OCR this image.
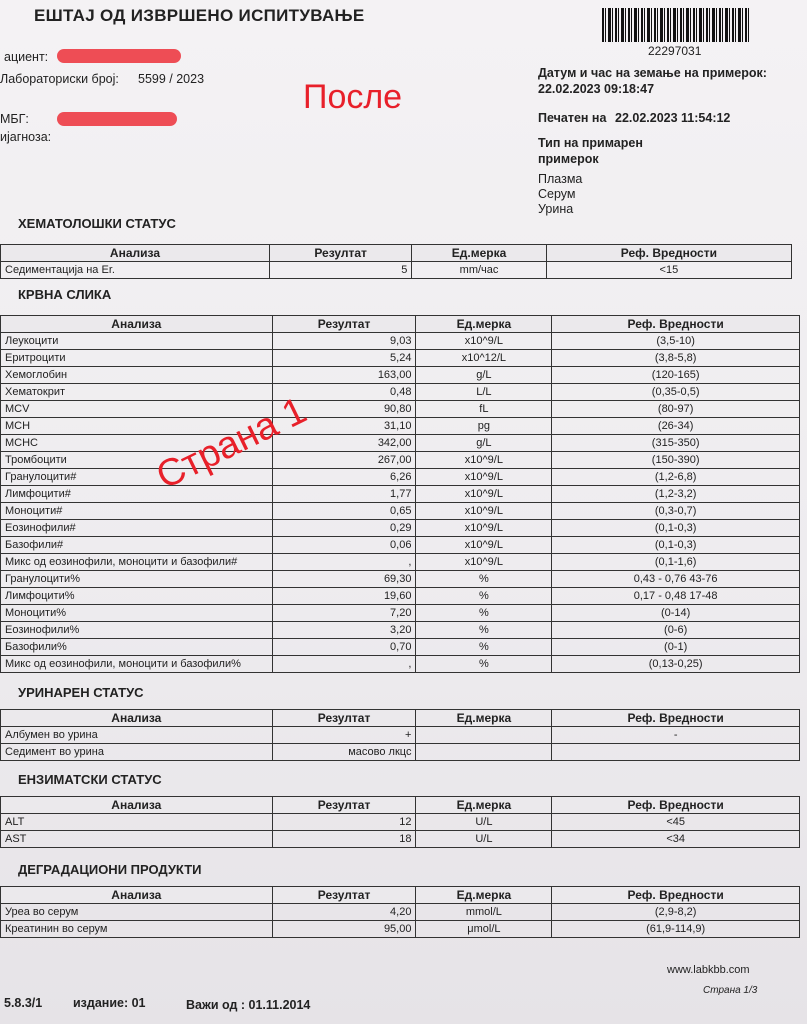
ЕШТАЈ ОД ИЗВРШЕНО ИСПИТУВАЊЕ
22297031
ациент:
Лабораториски број: 5599 / 2023
МБГ:
ијагноза:
После
Датум и час на земање на примерок:
22.02.2023 09:18:47
Печатен на 22.02.2023 11:54:12
Тип на примарен
примерок
Плазма
Серум
Урина
ХЕМАТОЛОШКИ СТАТУС
Анализа	Резултат	Ед.мерка	Реф. Вредности
Седиментација на Er.	5	mm/час	<15
КРВНА СЛИКА
Анализа	Резултат	Ед.мерка	Реф. Вредности
Леукоцити	9,03	x10^9/L	(3,5-10)
Еритроцити	5,24	x10^12/L	(3,8-5,8)
Хемоглобин	163,00	g/L	(120-165)
Хематокрит	0,48	L/L	(0,35-0,5)
MCV	90,80	fL	(80-97)
MCH	31,10	pg	(26-34)
MCHC	342,00	g/L	(315-350)
Тромбоцити	267,00	x10^9/L	(150-390)
Гранулоцити#	6,26	x10^9/L	(1,2-6,8)
Лимфоцити#	1,77	x10^9/L	(1,2-3,2)
Моноцити#	0,65	x10^9/L	(0,3-0,7)
Еозинофили#	0,29	x10^9/L	(0,1-0,3)
Базофили#	0,06	x10^9/L	(0,1-0,3)
Микс од еозинофили, моноцити и базофили#	,	x10^9/L	(0,1-1,6)
Гранулоцити%	69,30	%	0,43 - 0,76 43-76
Лимфоцити%	19,60	%	0,17 - 0,48 17-48
Моноцити%	7,20	%	(0-14)
Еозинофили%	3,20	%	(0-6)
Базофили%	0,70	%	(0-1)
Микс од еозинофили, моноцити и базофили%	,	%	(0,13-0,25)
УРИНАРЕН СТАТУС
Анализа	Резултат	Ед.мерка	Реф. Вредности
Албумен во урина	+		-
Седимент во урина	масово лкцс		
ЕНЗИМАТСКИ СТАТУС
Анализа	Резултат	Ед.мерка	Реф. Вредности
ALT	12	U/L	<45
AST	18	U/L	<34
ДЕГРАДАЦИОНИ ПРОДУКТИ
Анализа	Резултат	Ед.мерка	Реф. Вредности
Уреа во серум	4,20	mmol/L	(2,9-8,2)
Креатинин во серум	95,00	μmol/L	(61,9-114,9)
Страна 1
www.labkbb.com
Страна 1/3
5.8.3/1 издание: 01	Важи од : 01.11.2014
